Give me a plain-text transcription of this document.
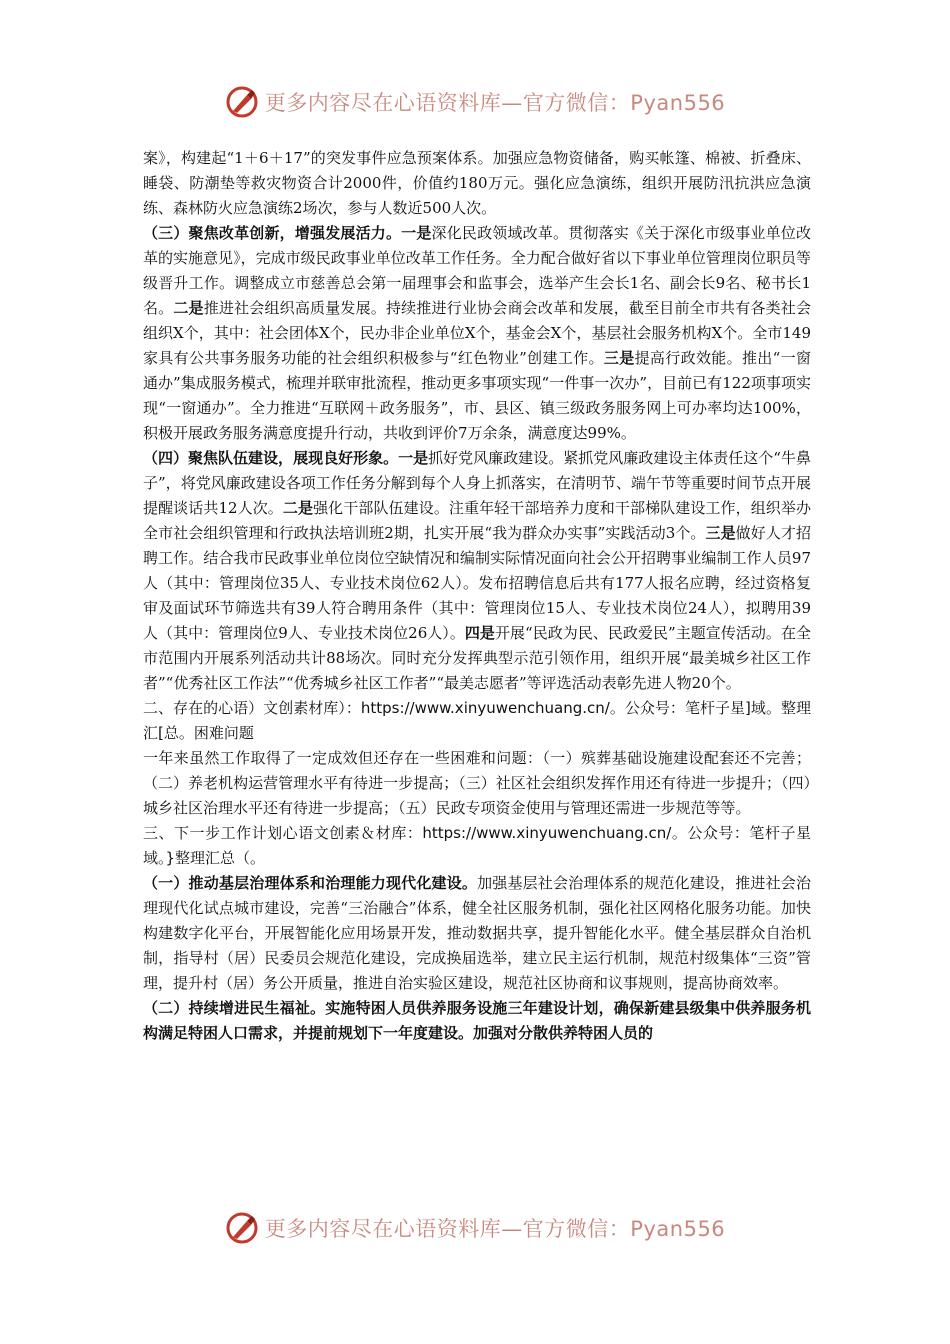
更多内容尽在心语资料库—官方微信：Pyan556

案》，构建起“1＋6＋17”的突发事件应急预案体系。加强应急物资储备，购买帐篷、棉被、折叠床、睡袋、防潮垫等救灾物资合计2000件，价值约180万元。强化应急演练，组织开展防汛抗洪应急演练、森林防火应急演练2场次，参与人数近500人次。

（三）聚焦改革创新，增强发展活力。一是深化民政领域改革。贯彻落实《关于深化市级事业单位改革的实施意见》，完成市级民政事业单位改革工作任务。全力配合做好省以下事业单位管理岗位职员等级晋升工作。调整成立市慈善总会第一届理事会和监事会，选举产生会长1名、副会长9名、秘书长1名。二是推进社会组织高质量发展。持续推进行业协会商会改革和发展，截至目前全市共有各类社会组织X个，其中：社会团体X个，民办非企业单位X个，基金会X个，基层社会服务机构X个。全市149家具有公共事务服务功能的社会组织积极参与“红色物业”创建工作。三是提高行政效能。推出“一窗通办”集成服务模式，梳理并联审批流程，推动更多事项实现“一件事一次办”，目前已有122项事项实现“一窗通办”。全力推进“互联网＋政务服务”，市、县区、镇三级政务服务网上可办率均达100%，积极开展政务服务满意度提升行动，共收到评价7万余条，满意度达99%。

（四）聚焦队伍建设，展现良好形象。一是抓好党风廉政建设。紧抓党风廉政建设主体责任这个“牛鼻子”，将党风廉政建设各项工作任务分解到每个人身上抓落实，在清明节、端午节等重要时间节点开展提醒谈话共12人次。二是强化干部队伍建设。注重年轻干部培养力度和干部梯队建设工作，组织举办全市社会组织管理和行政执法培训班2期，扎实开展“我为群众办实事”实践活动3个。三是做好人才招聘工作。结合我市民政事业单位岗位空缺情况和编制实际情况面向社会公开招聘事业编制工作人员97人（其中：管理岗位35人、专业技术岗位62人）。发布招聘信息后共有177人报名应聘，经过资格复审及面试环节筛选共有39人符合聘用条件（其中：管理岗位15人、专业技术岗位24人），拟聘用39人（其中：管理岗位9人、专业技术岗位26人）。四是开展“民政为民、民政爱民”主题宣传活动。在全市范围内开展系列活动共计88场次。同时充分发挥典型示范引领作用，组织开展“最美城乡社区工作者”“优秀社区工作法”“优秀城乡社区工作者”“最美志愿者”等评选活动表彰先进人物20个。

二、存在的心语）文创素材库）：https://www.xinyuwenchuang.cn/。公众号：笔杆子星]域。整理汇[总。困难问题

一年来虽然工作取得了一定成效但还存在一些困难和问题：（一）殡葬基础设施建设配套还不完善；（二）养老机构运营管理水平有待进一步提高；（三）社区社会组织发挥作用还有待进一步提升；（四）城乡社区治理水平还有待进一步提高；（五）民政专项资金使用与管理还需进一步规范等等。

三、下一步工作计划心语文创素＆材库：https://www.xinyuwenchuang.cn/。公众号：笔杆子星域。}整理汇总（。

（一）推动基层治理体系和治理能力现代化建设。加强基层社会治理体系的规范化建设，推进社会治理现代化试点城市建设，完善“三治融合”体系，健全社区服务机制，强化社区网格化服务功能。加快构建数字化平台，开展智能化应用场景开发，推动数据共享，提升智能化水平。健全基层群众自治机制，指导村（居）民委员会规范化建设，完成换届选举，建立民主运行机制，规范村级集体“三资”管理，提升村（居）务公开质量，推进自治实验区建设，规范社区协商和议事规则，提高协商效率。

（二）持续增进民生福祉。实施特困人员供养服务设施三年建设计划，确保新建县级集中供养服务机构满足特困人口需求，并提前规划下一年度建设。加强对分散供养特困人员的

更多内容尽在心语资料库—官方微信：Pyan556
